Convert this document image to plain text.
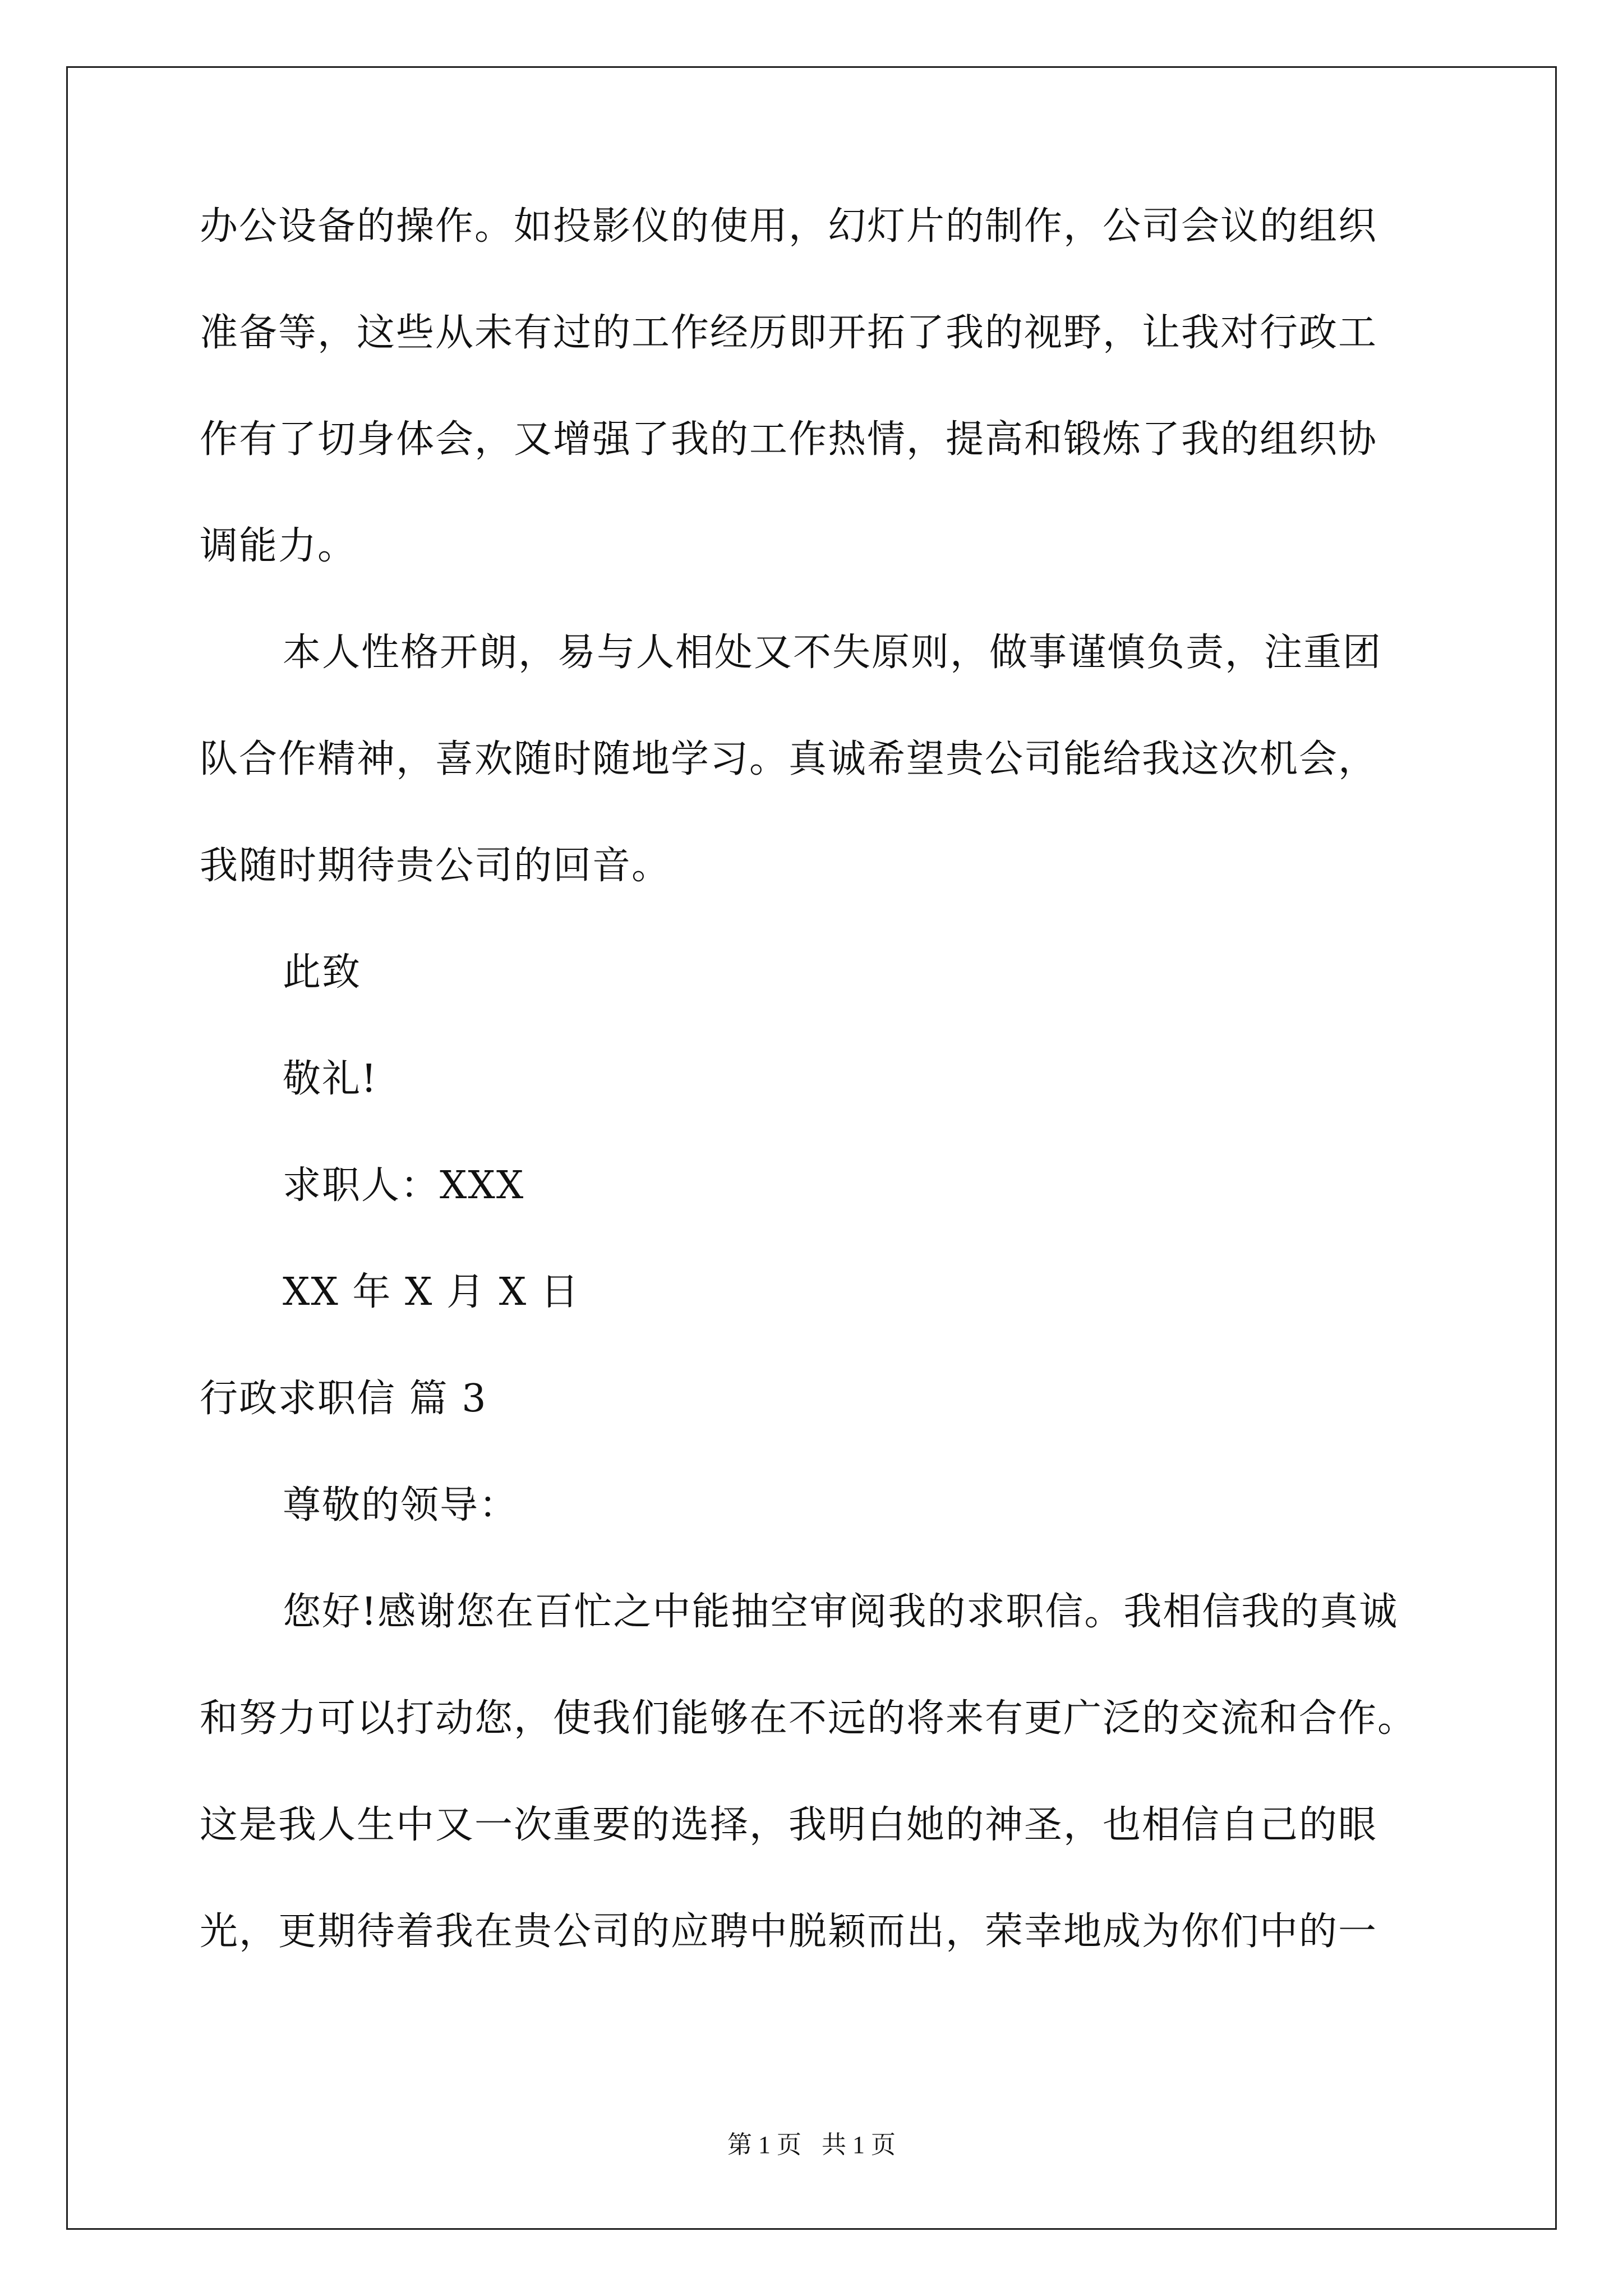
办公设备的操作。如投影仪的使用，幻灯片的制作，公司会议的组织
准备等，这些从未有过的工作经历即开拓了我的视野，让我对行政工
作有了切身体会，又增强了我的工作热情，提高和锻炼了我的组织协
调能力。
本人性格开朗，易与人相处又不失原则，做事谨慎负责，注重团
队合作精神，喜欢随时随地学习。真诚希望贵公司能给我这次机会，
我随时期待贵公司的回音。
此致
敬礼!
求职人：XXX
XX 年 X 月 X 日
行政求职信 篇 3
尊敬的领导：
您好!感谢您在百忙之中能抽空审阅我的求职信。我相信我的真诚
和努力可以打动您，使我们能够在不远的将来有更广泛的交流和合作。
这是我人生中又一次重要的选择，我明白她的神圣，也相信自己的眼
光，更期待着我在贵公司的应聘中脱颖而出，荣幸地成为你们中的一
第 1 页 共 1 页
